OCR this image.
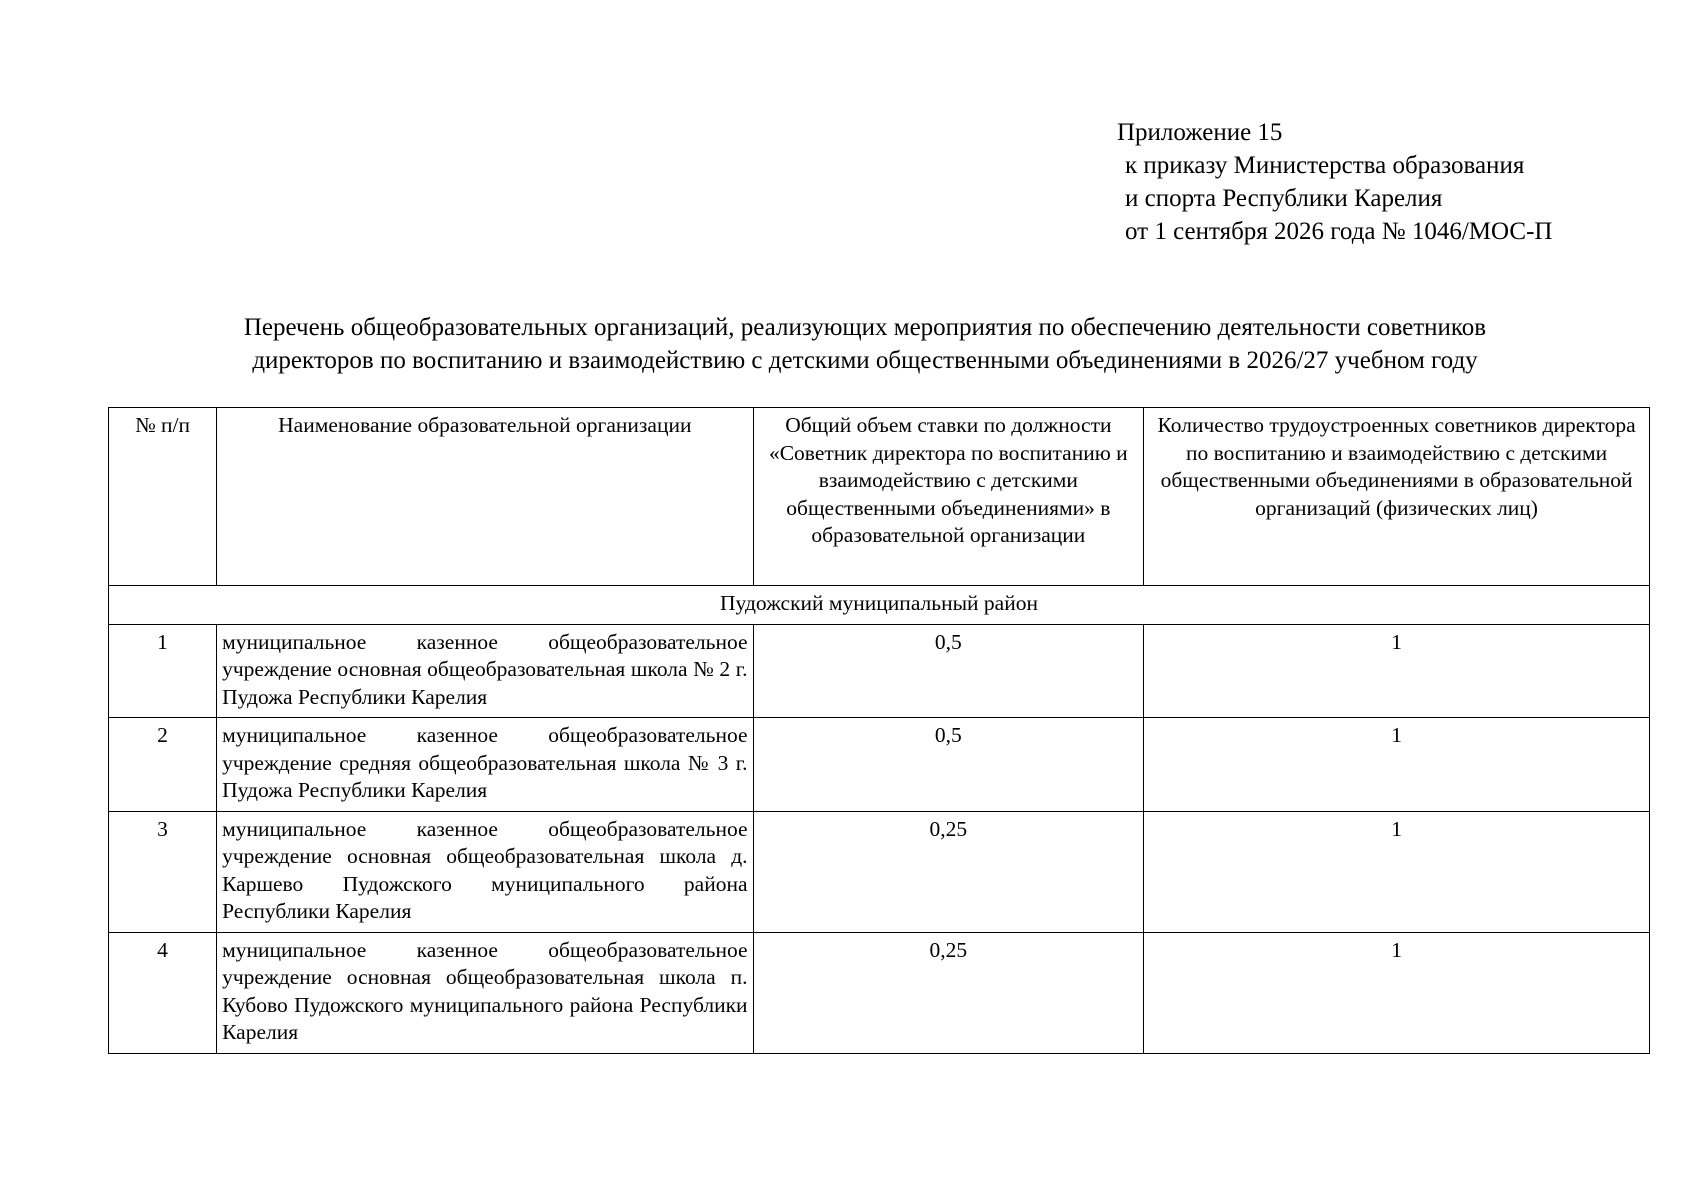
Приложение 15
к приказу Министерства образования
и спорта Республики Карелия
от 1 сентября 2026 года № 1046/МОС-П
Перечень общеобразовательных организаций, реализующих мероприятия по обеспечению деятельности советников
директоров по воспитанию и взаимодействию с детскими общественными объединениями в 2026/27 учебном году
№ п/п	Наименование образовательной организации	Общий объем ставки по должности «Советник директора по воспитанию и взаимодействию с детскими общественными объединениями» в образовательной организации	Количество трудоустроенных советников директора по воспитанию и взаимодействию с детскими общественными объединениями в образовательной организаций (физических лиц)
Пудожский муниципальный район			
1	муниципальное казенное общеобразовательное учреждение основная общеобразовательная школа № 2 г. Пудожа Республики Карелия	0,5	1
2	муниципальное казенное общеобразовательное учреждение средняя общеобразовательная школа № 3 г. Пудожа Республики Карелия	0,5	1
3	муниципальное казенное общеобразовательное учреждение основная общеобразовательная школа д. Каршево Пудожского муниципального района Республики Карелия	0,25	1
4	муниципальное казенное общеобразовательное учреждение основная общеобразовательная школа п. Кубово Пудожского муниципального района Республики Карелия	0,25	1
